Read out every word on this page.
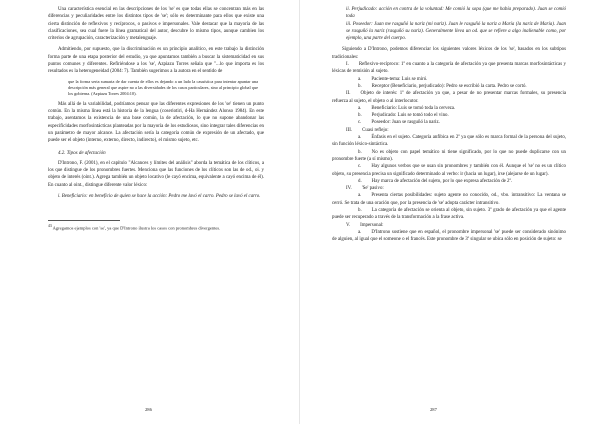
Una característica esencial en las descripciones de los 'se' es que todas ellas se concentran más en las diferencias y peculiaridades entre los distintos tipos de 'se'; sólo es determinante para ellos que existe una cierta distinción de reflexivos y recíprocos, o pasivos e impersonales. Vale destacar que la mayoría de las clasificaciones, sea cual fuere la línea gramatical del autor, descubre lo mismo tipos, aunque cambien los criterios de agrupación, caracterización y metalenguaje.

Admitiendo, por supuesto, que la discriminación es un principio analítico, en este trabajo la distinción forma parte de una etapa posterior del estudio, ya que apuntamos también a buscar la sistematicidad en sus puntos comunes y diferentes. Refiriéndose a los 'se', Azpiazu Torres señala que "...lo que importa es los resultados es la heterogeneidad (2004: 7). También sugerimos a la autora en el sentido de

que la forma seria sumaria de dar cuenta de ellos es dejando a un lado la casuística para intentar apuntar una descripción más general que aspire no a las diversidades de los casos particulares, sino al principio global que los gobierna. (Azpiazu Torres 2004:10).

Más allá de la variabilidad, podríamos pensar que las diferentes expresiones de los 'se' tienen un punto común. En la misma línea está la historia de la lengua (coseriotiri, d-Ha Hernández Alonso 1984). En este trabajo, asentamos la existencia de una base común, la de afectación, lo que no supone abandonar las especificidades morfosintácticas planteadas por la mayoría de los estudiosos, sino integrar tales diferencias en un parámetro de mayor alcance. La afectación sería la categoría común de expresión de un afectado, que puede ser el objeto (interno, externo, directo, indirecto), el mismo sujeto, etc.

4.2. Tipos de afectación

D'Introno, F. (2001), en el capítulo "Alcances y límites del análisis" aborda la temática de los clíticos, a los que distingue de los pronombres fuertes. Menciona que las funciones de los clíticos son las de od., oi. y objeto de interés (oint.). Agrega también un objeto locativo (le cayó encima, equivalente a cayó encima de él). En cuanto al oint., distingue diferente valor léxico:

i. Beneficiario: en beneficio de quien se hace la acción: Pedro me lavó el carro. Pedro se lavó el carro.

$^{43}$ Agregamos ejemplos con 'se', ya que D'Introno ilustra los casos con pronombres divergentes.

286

ii. Perjudicado: acción en contra de la voluntad: Me comió la sopa (que me había preparado). Juan se comió toda

iii. Poseedor: Juan me rasguñó la nariz (mi nariz). Juan le rasguñó la nariz a María (la nariz de María). Juan se rasguñó la nariz (rasguñó su nariz). Generalmente lleva un od. que se refiere a algo inalienable como, por ejemplo, una parte del cuerpo.

Siguiendo a D'Introno, podemos diferenciar los siguientes valores léxicos de los 'se', basados en los subtipos tradicionales:

I. Reflexivo-recíproco: 1º en cuanto a la categoría de afectación ya que presenta marcas morfosintácticas y léxicas de remisión al sujeto.

a. Paciente-tema: Luis se miró.

b. Receptor (Beneficiario, perjudicado): Pedro se escribió la carta. Pedro se cortó.

II. Objeto de interés: 1º de afectación ya que, a pesar de no presentar marcas formales, su presencia refuerza al sujeto, el objeto o al interlocutor.

a. Beneficiario: Luis se tomó toda la cerveza.

b. Perjudicado: Luis se tomó todo el vino.

c. Poseedor: Juan se rasguñó la nariz.

III. Cuasi reflejo:

a. Énfasis en el sujeto. Categoría anfibica en 2º ya que sólo es marca formal de la persona del sujeto, sin función léxico-sintáctica.

b. No es objeto con papel temático ni tiene significado, por lo que no puede duplicarse con un pronombre fuerte (a sí mismo).

c. Hay algunos verbos que se usan sin pronombres y también con él. Aunque el 'se' no es un clítico objeto, su presencia precisa un significado determinado al verbo: ir (hacia un lugar), irse (alejarse de un lugar).

d. Hay marca de afectación del sujeto, por lo que expresa afectación de 2º.

IV. 'Se' pasivo:

a. Presenta ciertas posibilidades: sujeto agente no conocido, od., vbo. intransitivo: La ventana se cerró. Se trata de una oración que, por la presencia de 'se' adopta carácter intransitivo.

b. La categoría de afectación se orienta al objeto, sin sujeto. 3º grado de afectación ya que el agente puede ser recuperado a través de la transformación a la frase activa.

V. Impersonal:

a. D'Introno sostiene que en español, el pronombre impersonal 'se' puede ser considerado sinónimo de alguien, al igual que el someone o el francés. Este pronombre de 3º singular se ubica sólo en posición de sujeto: se

287
